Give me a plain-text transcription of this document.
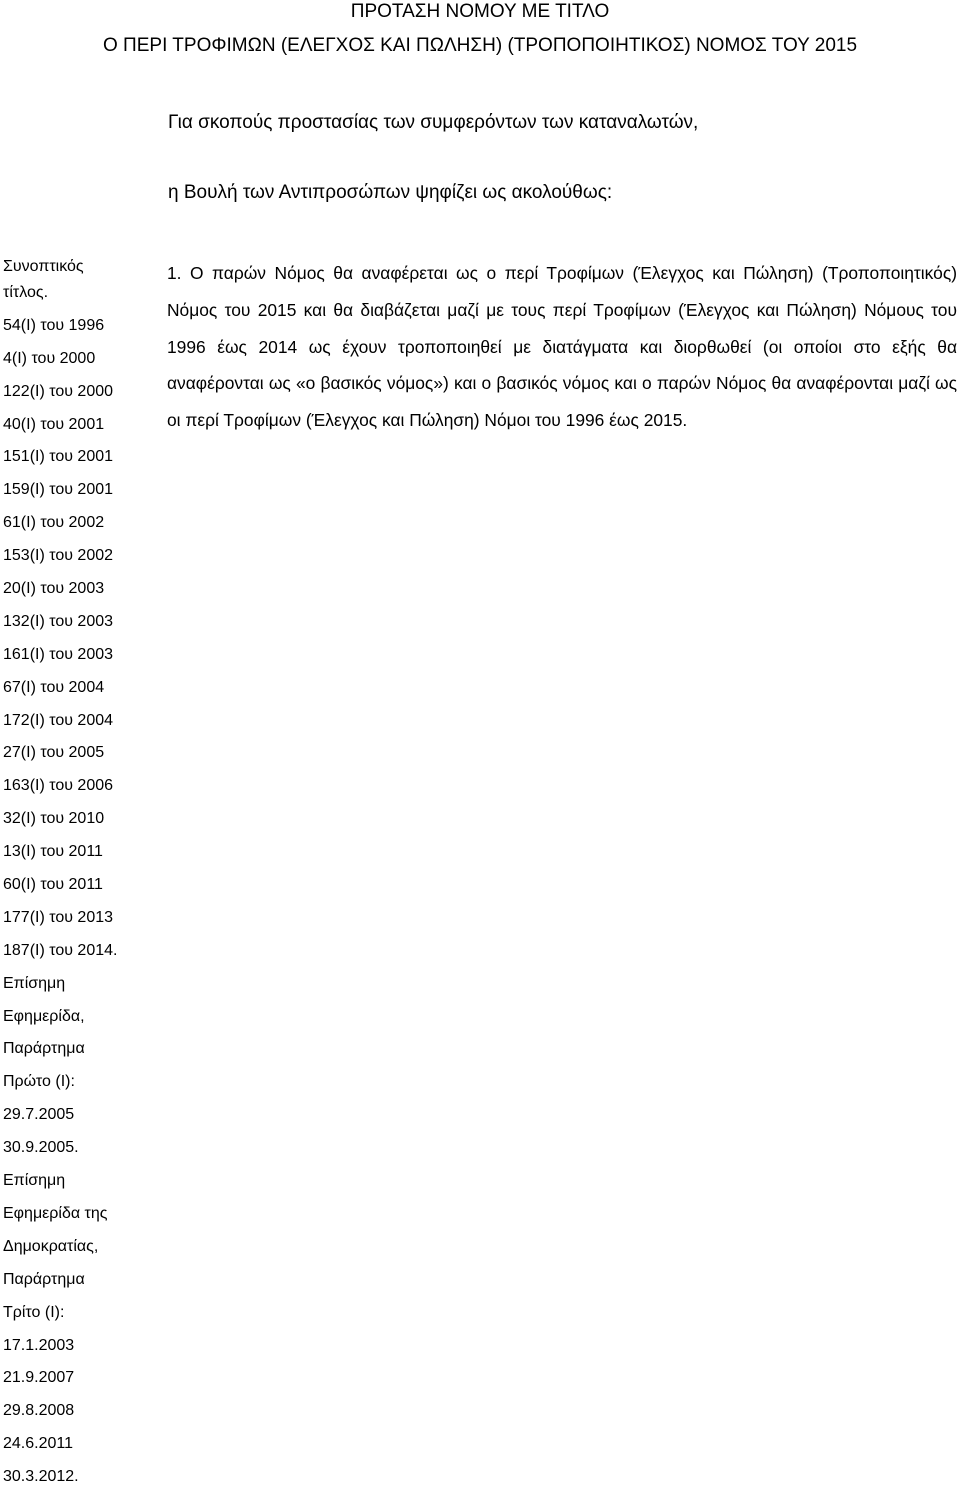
ΠΡΟΤΑΣΗ ΝΟΜΟΥ ΜΕ ΤΙΤΛΟ
Ο ΠΕΡΙ ΤΡΟΦΙΜΩΝ (ΕΛΕΓΧΟΣ ΚΑΙ ΠΩΛΗΣΗ) (ΤΡΟΠΟΠΟΙΗΤΙΚΟΣ) ΝΟΜΟΣ ΤΟΥ 2015
Για σκοπούς προστασίας των συμφερόντων των καταναλωτών,
η Βουλή των Αντιπροσώπων ψηφίζει ως ακολούθως:
Συνοπτικός
τίτλος.
54(Ι) του 1996
4(Ι) του 2000
122(Ι) του 2000
40(Ι) του 2001
151(Ι) του 2001
159(Ι) του 2001
61(Ι) του 2002
153(Ι) του 2002
20(Ι) του 2003
132(Ι) του 2003
161(Ι) του 2003
67(Ι) του 2004
172(Ι) του 2004
27(Ι) του 2005
163(Ι) του 2006
32(Ι) του 2010
13(Ι) του 2011
60(Ι) του 2011
177(Ι) του 2013
187(Ι) του 2014.
Επίσημη
Εφημερίδα,
Παράρτημα
Πρώτο (Ι):
29.7.2005
30.9.2005.
Επίσημη
Εφημερίδα της
Δημοκρατίας,
Παράρτημα
Τρίτο (Ι):
17.1.2003
21.9.2007
29.8.2008
24.6.2011
30.3.2012.
1. Ο παρών Νόμος θα αναφέρεται ως ο περί Τροφίμων (Έλεγχος και Πώληση) (Τροποποιητικός) Νόμος του 2015 και θα διαβάζεται μαζί με τους περί Τροφίμων (Έλεγχος και Πώληση) Νόμους του 1996 έως 2014 ως έχουν τροποποιηθεί με διατάγματα και διορθωθεί (οι οποίοι στο εξής θα αναφέρονται ως «ο βασικός νόμος») και ο βασικός νόμος και ο παρών Νόμος θα αναφέρονται μαζί ως οι περί Τροφίμων (Έλεγχος και Πώληση) Νόμοι του 1996 έως 2015.
